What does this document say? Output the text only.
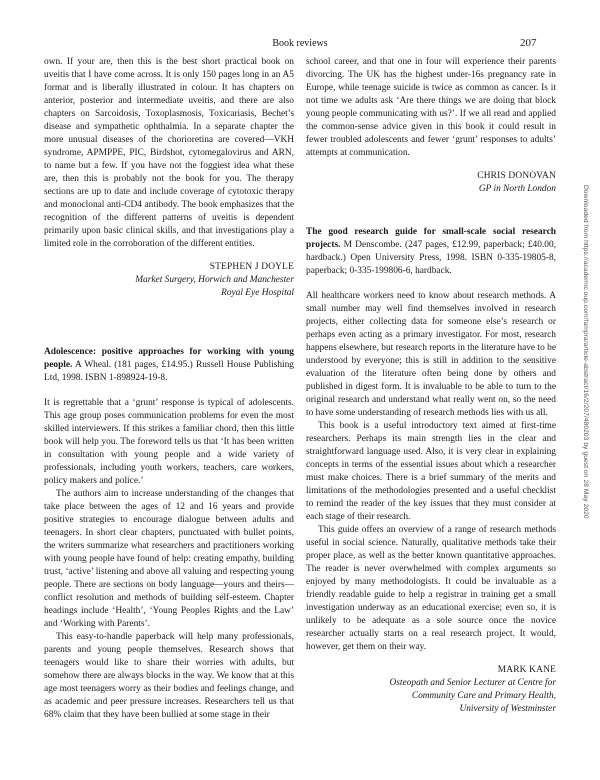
Book reviews	207

own. If your are, then this is the best short practical book on uveitis that I have come across. It is only 150 pages long in an A5 format and is liberally illustrated in colour. It has chapters on anterior, posterior and intermediate uveitis, and there are also chapters on Sarcoidosis, Toxoplasmosis, Toxicariasis, Bechet’s disease and sympathetic ophthalmia. In a separate chapter the more unusual diseases of the chorioretina are covered—VKH syndrome, APMPPE, PIC, Birdshot, cytomegalovirus and ARN, to name but a few. If you have not the foggiest idea what these are, then this is probably not the book for you. The therapy sections are up to date and include coverage of cytotoxic therapy and monoclonal anti-CD4 antibody. The book emphasizes that the recognition of the different patterns of uveitis is dependent primarily upon basic clinical skills, and that investigations play a limited role in the corroboration of the different entities.

STEPHEN J DOYLE
Market Surgery, Horwich and Manchester
Royal Eye Hospital

Adolescence: positive approaches for working with young people. A Wheal. (181 pages, £14.95.) Russell House Publishing Ltd, 1998. ISBN 1-898924-19-8.

It is regrettable that a ‘grunt’ response is typical of adolescents. This age group poses communication problems for even the most skilled interviewers. If this strikes a familiar chord, then this little book will help you. The foreword tells us that ‘It has been written in consultation with young people and a wide variety of professionals, including youth workers, teachers, care workers, policy makers and police.’

The authors aim to increase understanding of the changes that take place between the ages of 12 and 16 years and provide positive strategies to encourage dialogue between adults and teenagers. In short clear chapters, punctuated with bullet points, the writers summarize what researchers and practitioners working with young people have found of help: creating empathy, building trust, ‘active’ listening and above all valuing and respecting young people. There are sections on body language—yours and theirs—conflict resolution and methods of building self-esteem. Chapter headings include ‘Health’, ‘Young Peoples Rights and the Law’ and ‘Working with Parents’.

This easy-to-handle paperback will help many professionals, parents and young people themselves. Research shows that teenagers would like to share their worries with adults, but somehow there are always blocks in the way. We know that at this age most teenagers worry as their bodies and feelings change, and as academic and peer pressure increases. Researchers tell us that 68% claim that they have been bullied at some stage in their

school career, and that one in four will experience their parents divorcing. The UK has the highest under-16s pregnancy rate in Europe, while teenage suicide is twice as common as cancer. Is it not time we adults ask ‘Are there things we are doing that block young people communicating with us?’. If we all read and applied the common-sense advice given in this book it could result in fewer troubled adolescents and fewer ‘grunt’ responses to adults’ attempts at communication.

CHRIS DONOVAN
GP in North London

The good research guide for small-scale social research projects. M Denscombe. (247 pages, £12.99, paperback; £40.00, hardback.) Open University Press, 1998. ISBN 0-335-19805-8, paperback; 0-335-199806-6, hardback.

All healthcare workers need to know about research methods. A small number may well find themselves involved in research projects, either collecting data for someone else’s research or perhaps even acting as a primary investigator. For most, research happens elsewhere, but research reports in the literature have to be understood by everyone; this is still in addition to the sensitive evaluation of the literature often being done by others and published in digest form. It is invaluable to be able to turn to the original research and understand what really went on, so the need to have some understanding of research methods lies with us all.

This book is a useful introductory text aimed at first-time researchers. Perhaps its main strength lies in the clear and straightforward language used. Also, it is very clear in explaining concepts in terms of the essential issues about which a researcher must make choices. There is a brief summary of the merits and limitations of the methodologies presented and a useful checklist to remind the reader of the key issues that they must consider at each stage of their research.

This guide offers an overview of a range of research methods useful in social science. Naturally, qualitative methods take their proper place, as well as the better known quantitative approaches. The reader is never overwhelmed with complex arguments so enjoyed by many methodologists. It could be invaluable as a friendly readable guide to help a registrar in training get a small investigation underway as an educational exercise; even so, it is unlikely to be adequate as a sole source once the novice researcher actually starts on a real research project. It would, however, get them on their way.

MARK KANE
Osteopath and Senior Lecturer at Centre for
Community Care and Primary Health,
University of Westminster
Downloaded from https://academic.oup.com/fampra/article-abstract/16/2/207/480203 by guest on 28 May 2020
